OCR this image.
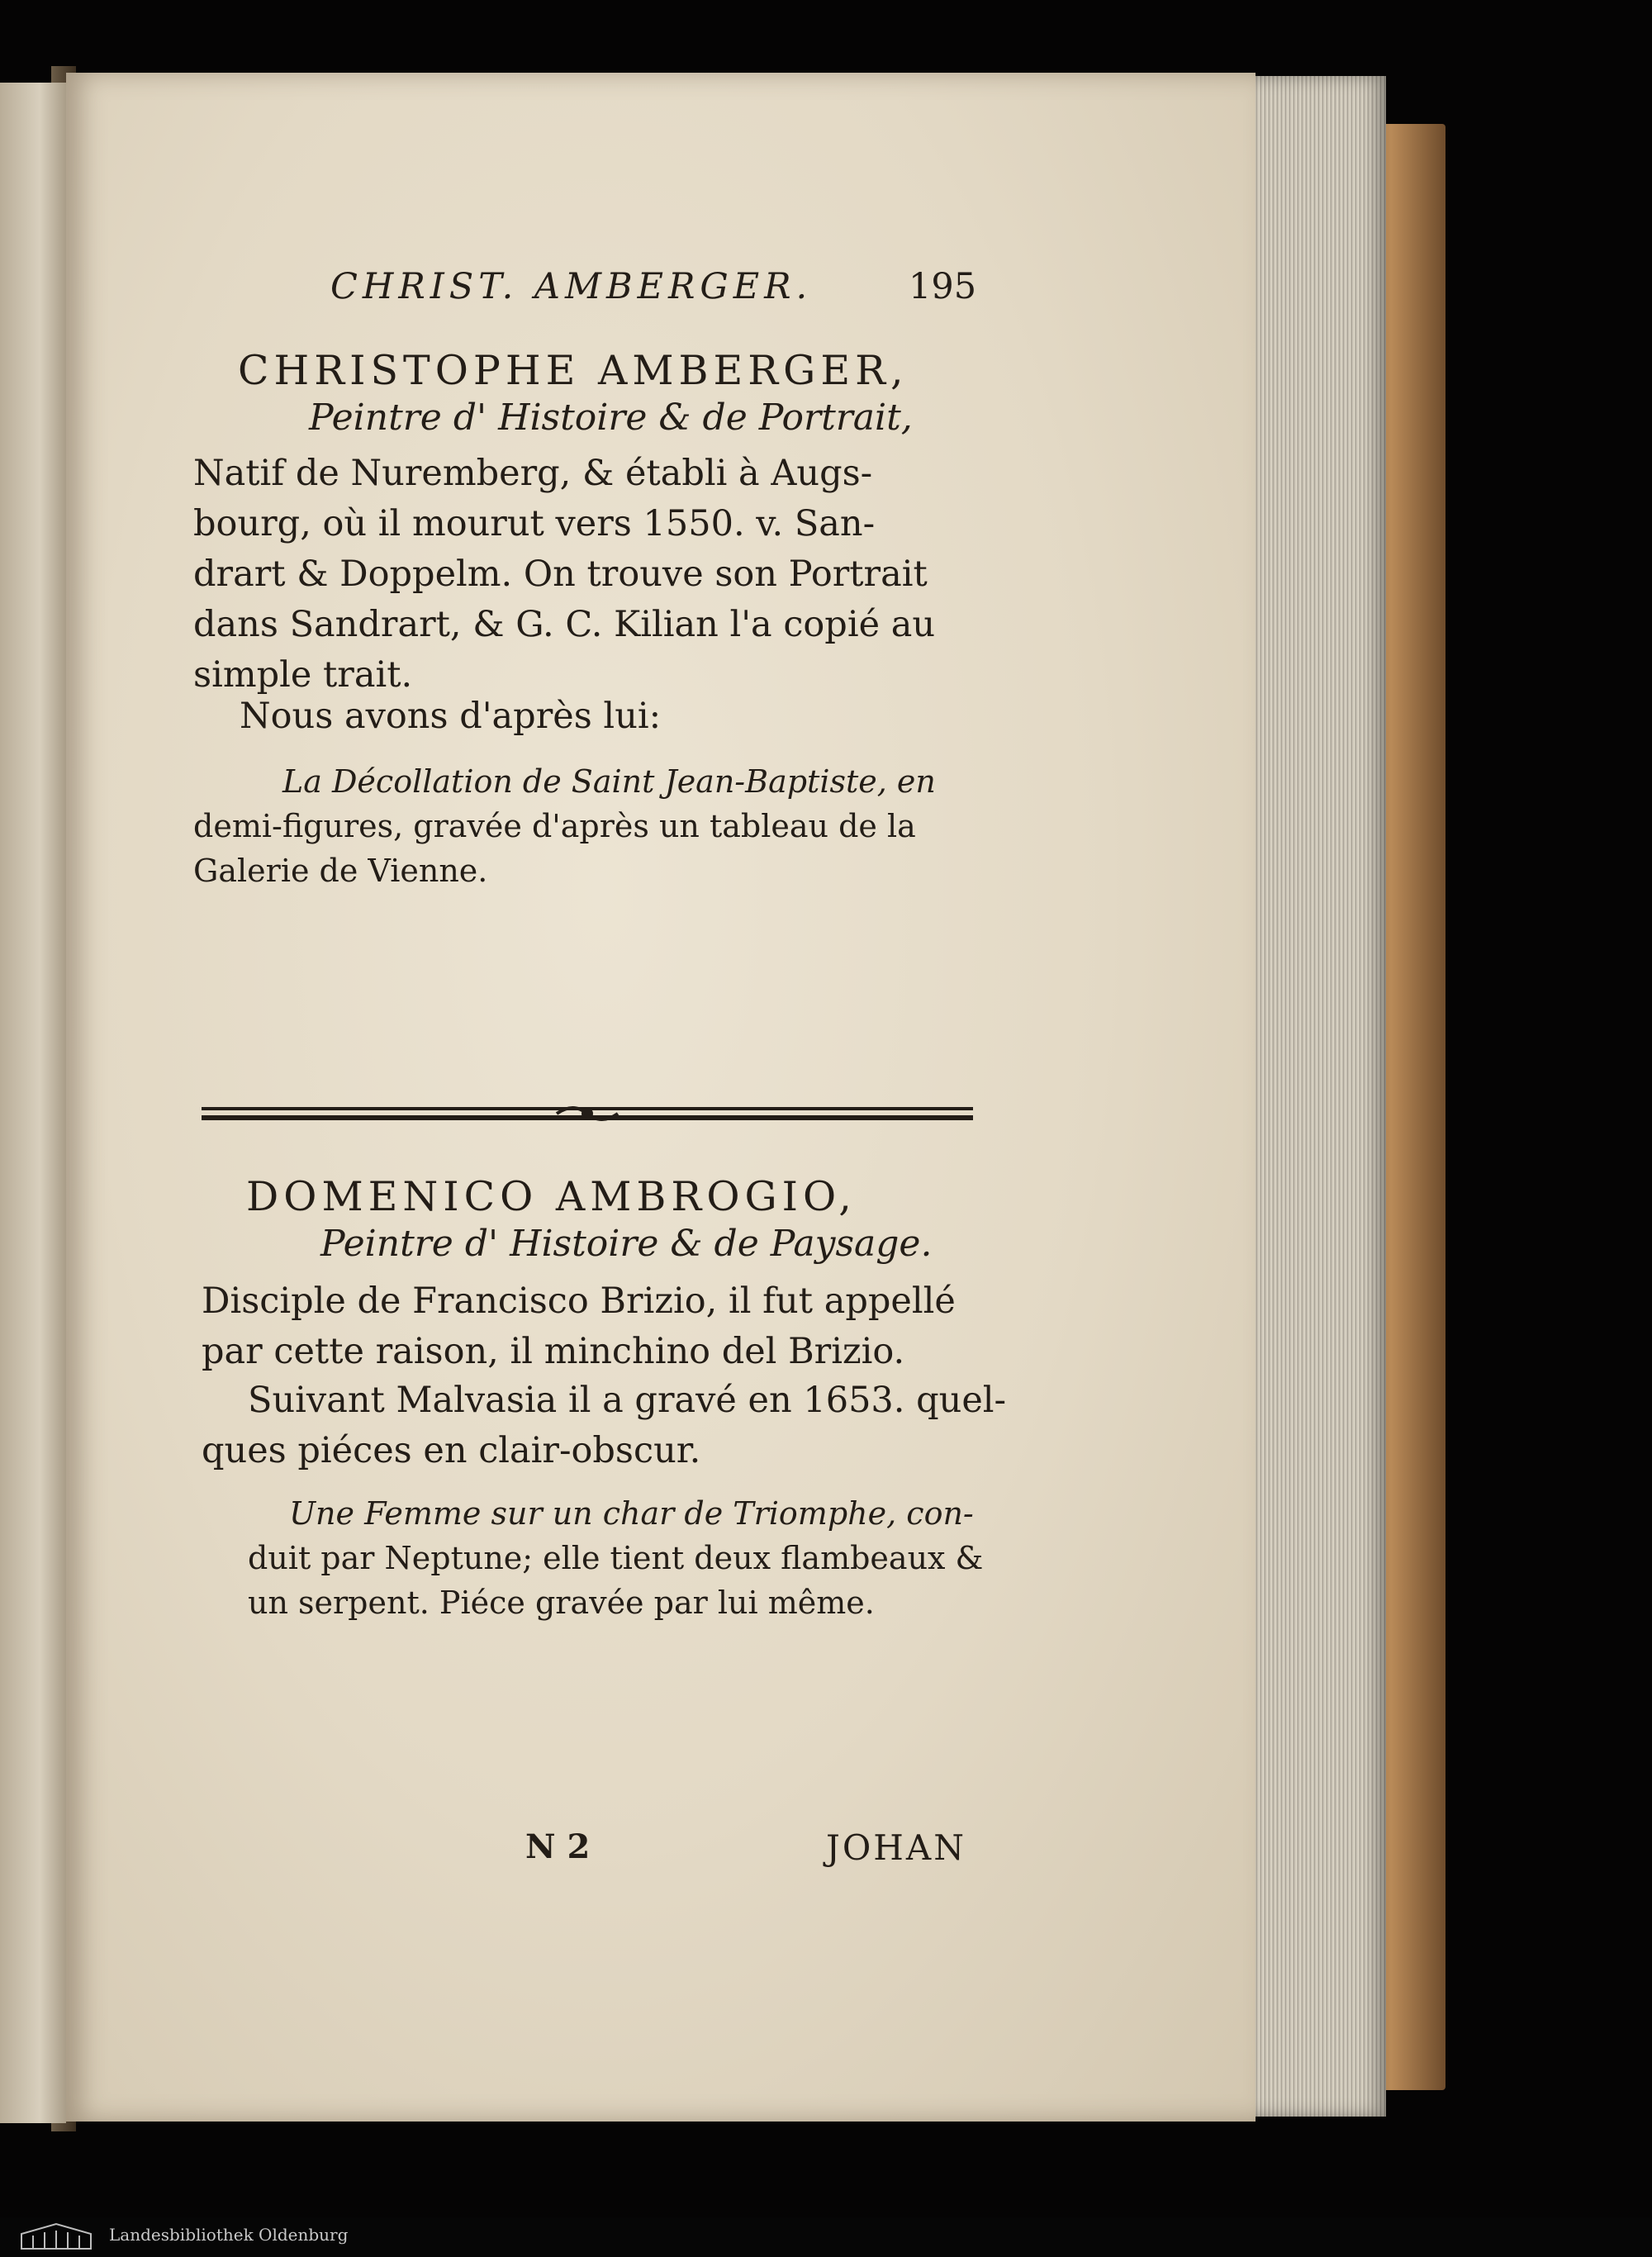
CHRIST. AMBERGER.	195

CHRISTOPHE AMBERGER,

Peintre d' Histoire & de Portrait,

Natif de Nuremberg, & établi à Augs-
bourg, où il mourut vers 1550. v. San-
drart & Doppelm. On trouve son Portrait
dans Sandrart, & G. C. Kilian l'a copié au
simple trait.

Nous avons d'après lui:

La Décollation de Saint Jean-Baptiste, en
demi-figures, gravée d'après un tableau de la
Galerie de Vienne.

DOMENICO AMBROGIO,

Peintre d' Histoire & de Paysage.

Disciple de Francisco Brizio, il fut appellé
par cette raison, il minchino del Brizio.
Suivant Malvasia il a gravé en 1653. quel-
ques piéces en clair-obscur.
Une Femme sur un char de Triomphe, con-
duit par Neptune; elle tient deux flambeaux &
un serpent. Piéce gravée par lui même.

N 2	JOHAN

Landesbibliothek Oldenburg
